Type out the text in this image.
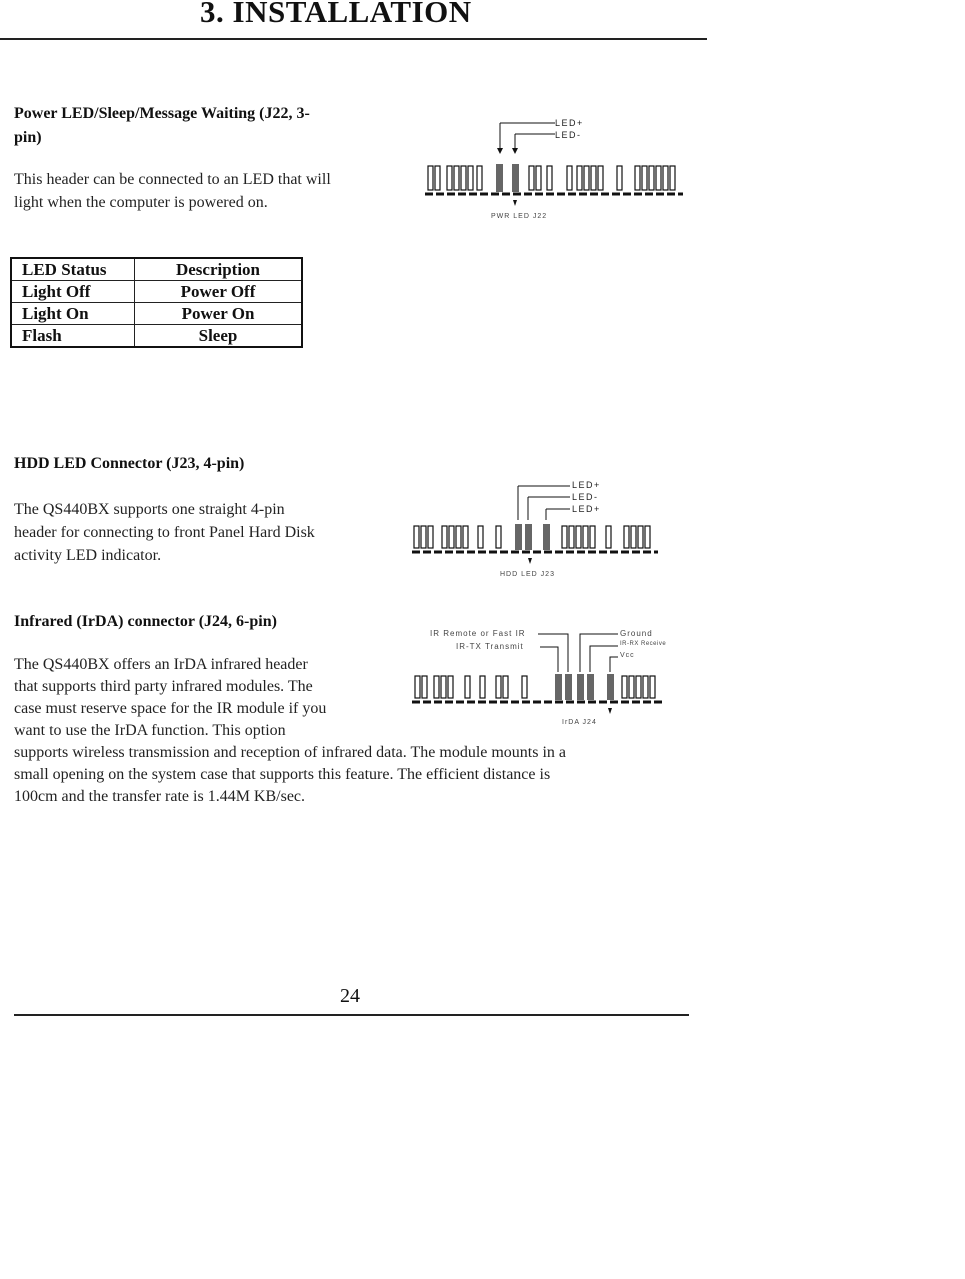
3. INSTALLATION
Power LED/Sleep/Message Waiting (J22, 3-
pin)
This header can be connected to an LED that will
light when the computer is powered on.
LED+
LED-
PWR LED J22
LED Status	Description
Light Off	Power Off
Light On	Power On
Flash	Sleep
HDD LED Connector (J23, 4-pin)
The QS440BX supports one straight 4-pin
header for connecting to front Panel Hard Disk
activity LED indicator.
LED+
LED-
LED+
HDD LED J23
Infrared (IrDA) connector (J24, 6-pin)
The QS440BX offers an IrDA infrared header
that supports third party infrared modules. The
case must reserve space for the IR module if you
want to use the IrDA function. This option
supports wireless transmission and reception of infrared data. The module mounts in a
small opening on the system case that supports this feature. The efficient distance is
100cm and the transfer rate is 1.44M KB/sec.
IR Remote or Fast IR
IR-TX Transmit
Ground
IR-RX Receive
Vcc
IrDA J24
24
